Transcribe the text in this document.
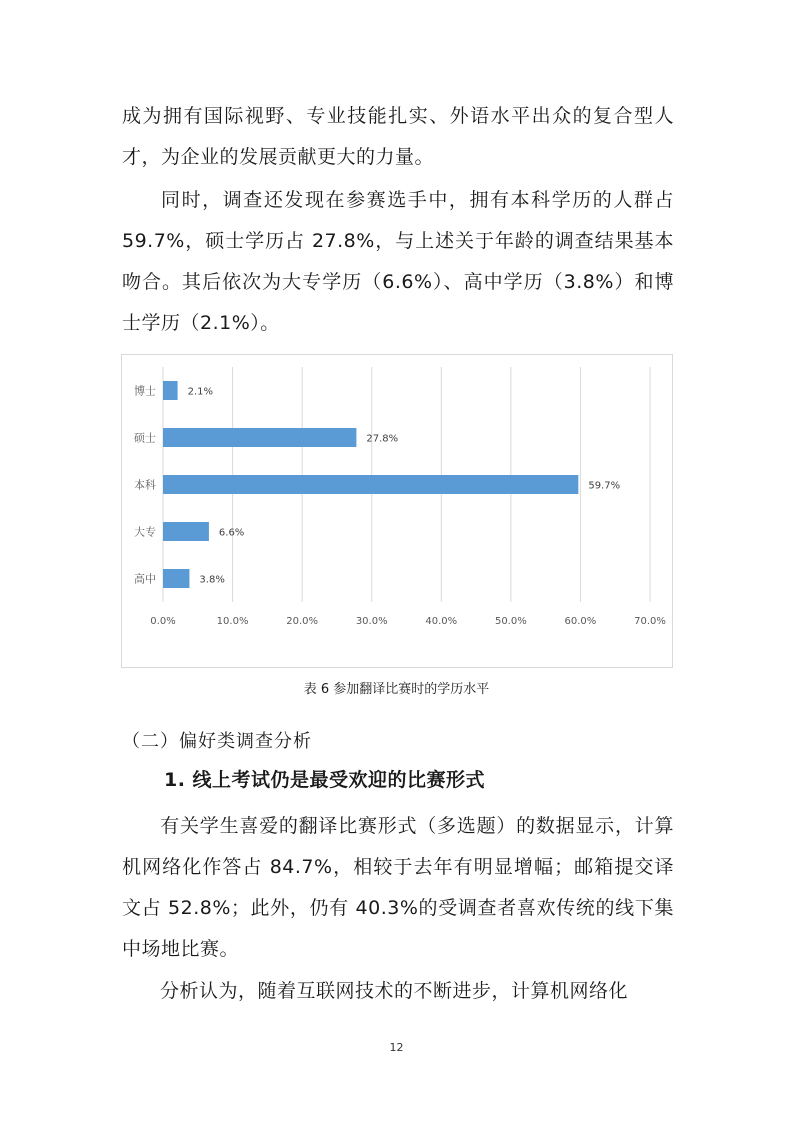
成为拥有国际视野、专业技能扎实、外语水平出众的复合型人才，为企业的发展贡献更大的力量。

同时，调查还发现在参赛选手中，拥有本科学历的人群占 59.7%，硕士学历占 27.8%，与上述关于年龄的调查结果基本吻合。其后依次为大专学历（6.6%）、高中学历（3.8%）和博士学历（2.1%）。

0.0%	10.0%	20.0%	30.0%	40.0%	50.0%	60.0%	70.0%
博士	2.1%
硕士	27.8%
本科	59.7%
大专	6.6%
高中	3.8%
表 6 参加翻译比赛时的学历水平
（二）偏好类调查分析
1. 线上考试仍是最受欢迎的比赛形式

有关学生喜爱的翻译比赛形式（多选题）的数据显示，计算机网络化作答占 84.7%，相较于去年有明显增幅；邮箱提交译文占 52.8%；此外，仍有 40.3%的受调查者喜欢传统的线下集中场地比赛。

分析认为，随着互联网技术的不断进步，计算机网络化

12
